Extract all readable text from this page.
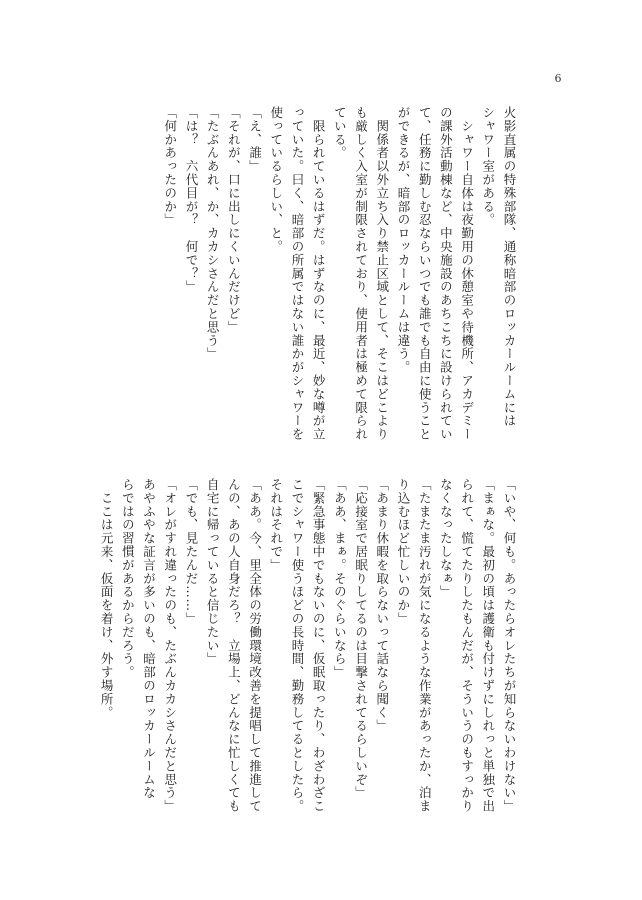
6
火影直属の特殊部隊、通称暗部のロッカールームには
シャワー室がある。
　シャワー自体は夜勤用の休憩室や待機所、アカデミー
の課外活動棟など、中央施設のあちこちに設けられてい
て、任務に勤しむ忍ならいつでも誰でも自由に使うこと
ができるが、暗部のロッカールームは違う。
　関係者以外立ち入り禁止区域として、そこはどこより
も厳しく入室が制限されており、使用者は極めて限られ
ている。
　限られているはずだ。はずなのに、最近、妙な噂が立
っていた。曰く、暗部の所属ではない誰かがシャワーを
使っているらしい、と。
「え、誰」
「それが、口に出しにくいんだけど」
「たぶんあれ、か、カカシさんだと思う」
「は？　六代目が？　何で？」
「何かあったのか」
「いや、何も。あったらオレたちが知らないわけない」
「まぁな。最初の頃は護衛も付けずにしれっと単独で出
られて、慌てたりしたもんだが、そういうのもすっかり
なくなったしなぁ」
「たまたま汚れが気になるような作業があったか、泊ま
り込むほど忙しいのか」
「あまり休暇を取らないって話なら聞く」
「応接室で居眠りしてるのは目撃されてるらしいぞ」
「ああ、まぁ。そのぐらいなら」
「緊急事態中でもないのに、仮眠取ったり、わざわざこ
こでシャワー使うほどの長時間、勤務してるとしたら。
それはそれで」
「ああ。今、里全体の労働環境改善を提唱して推進して
んの、あの人自身だろ？　立場上、どんなに忙しくても
自宅に帰っていると信じたい」
「でも、見たんだ……」
「オレがすれ違ったのも、たぶんカカシさんだと思う」
あやふやな証言が多いのも、暗部のロッカールームな
らではの習慣があるからだろう。
　ここは元来、仮面を着け、外す場所。
